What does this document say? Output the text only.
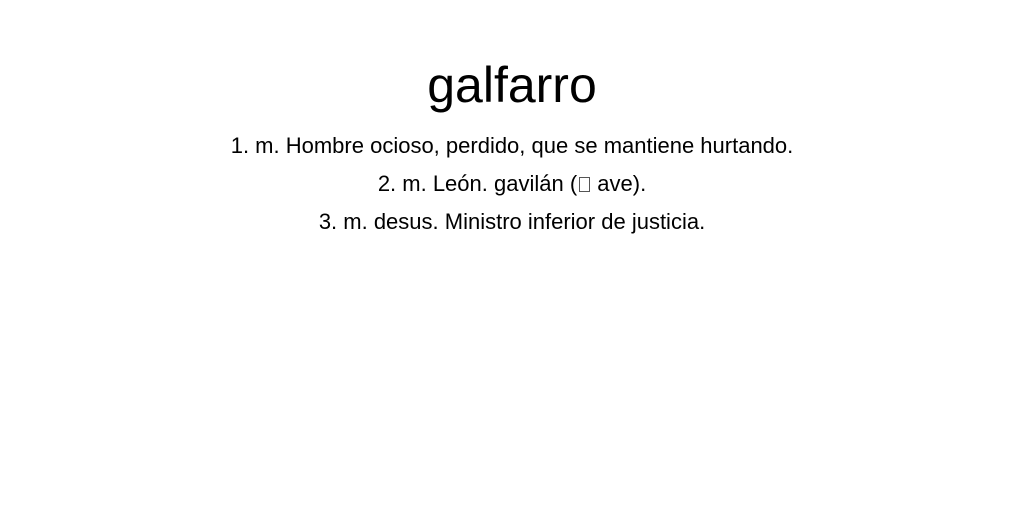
galfarro
1. m. Hombre ocioso, perdido, que se mantiene hurtando.
2. m. León. gavilán ( ave).
3. m. desus. Ministro inferior de justicia.
